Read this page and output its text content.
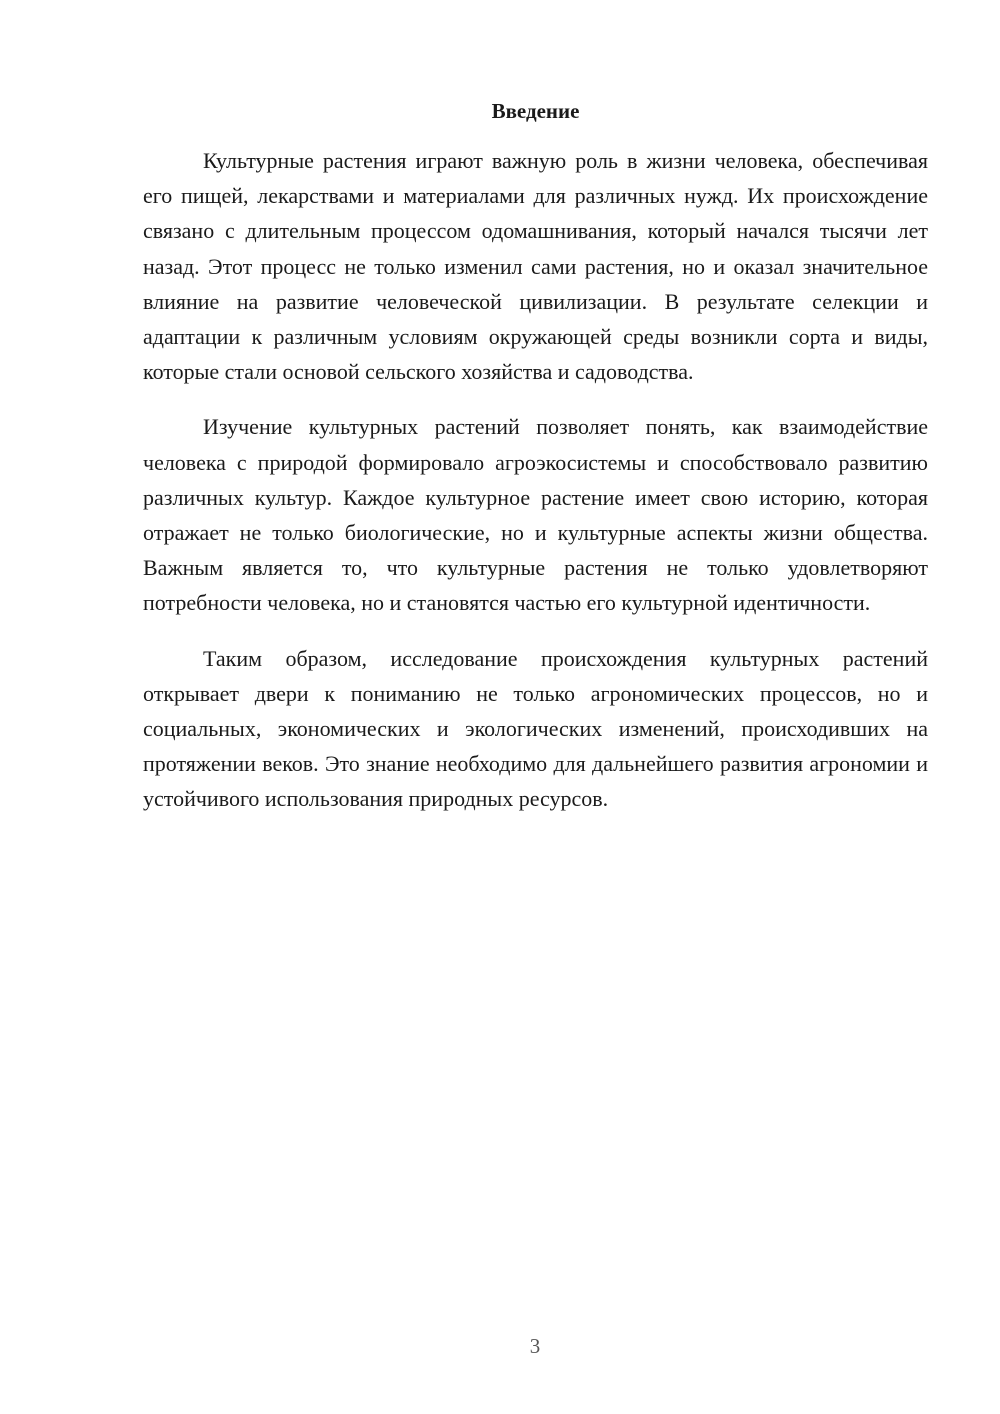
Введение

Культурные растения играют важную роль в жизни человека, обеспечивая его пищей, лекарствами и материалами для различных нужд. Их происхождение связано с длительным процессом одомашнивания, который начался тысячи лет назад. Этот процесс не только изменил сами растения, но и оказал значительное влияние на развитие человеческой цивилизации. В результате селекции и адаптации к различным условиям окружающей среды возникли сорта и виды, которые стали основой сельского хозяйства и садоводства.

Изучение культурных растений позволяет понять, как взаимодействие человека с природой формировало агроэкосистемы и способствовало развитию различных культур. Каждое культурное растение имеет свою историю, которая отражает не только биологические, но и культурные аспекты жизни общества. Важным является то, что культурные растения не только удовлетворяют потребности человека, но и становятся частью его культурной идентичности.

Таким образом, исследование происхождения культурных растений открывает двери к пониманию не только агрономических процессов, но и социальных, экономических и экологических изменений, происходивших на протяжении веков. Это знание необходимо для дальнейшего развития агрономии и устойчивого использования природных ресурсов.

3
